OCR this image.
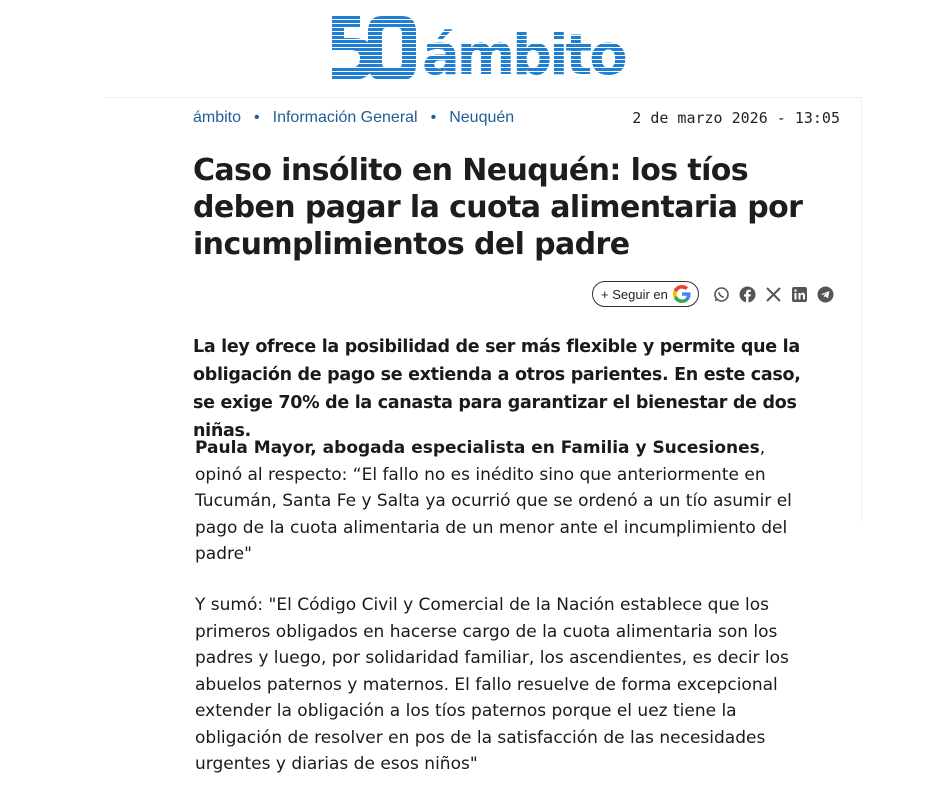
ámbito
ámbito • Información General • Neuquén	2 de marzo 2026 - 13:05
Caso insólito en Neuquén: los tíos deben pagar la cuota alimentaria por incumplimientos del padre
+ Seguir en

La ley ofrece la posibilidad de ser más flexible y permite que la obligación de pago se extienda a otros parientes. En este caso, se exige 70% de la canasta para garantizar el bienestar de dos niñas.

Paula Mayor, abogada especialista en Familia y Sucesiones, opinó al respecto: “El fallo no es inédito sino que anteriormente en Tucumán, Santa Fe y Salta ya ocurrió que se ordenó a un tío asumir el pago de la cuota alimentaria de un menor ante el incumplimiento del padre"

Y sumó: "El Código Civil y Comercial de la Nación establece que los primeros obligados en hacerse cargo de la cuota alimentaria son los padres y luego, por solidaridad familiar, los ascendientes, es decir los abuelos paternos y maternos. El fallo resuelve de forma excepcional extender la obligación a los tíos paternos porque el uez tiene la obligación de resolver en pos de la satisfacción de las necesidades urgentes y diarias de esos niños"
